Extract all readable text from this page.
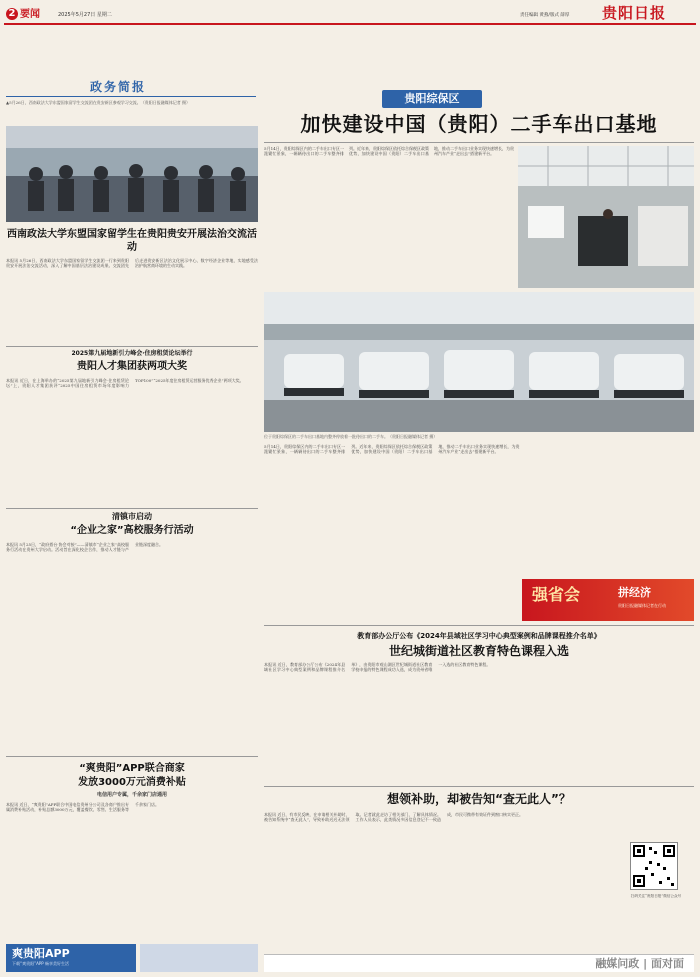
2 要闻	2025年5月27日 星期二	责任编辑 黄燕/版式 薛厚 贵阳日报
政务简报
▲5月26日，西南政法大学东盟国家留学生交流团在贵安新区参观学习交流。（贵阳日报融媒体记者 摄）
西南政法大学东盟国家留学生在贵阳贵安开展法治交流活动
本报讯 5月26日，西南政法大学东盟国家留学生交流团一行来到贵阳贵安开展法治交流活动，深入了解中国基层法治建设成果。交流团先后走进贵安新区法治文化展示中心、数字经济企业等地，实地感受法治护航营商环境的生动实践。
2025第九届地新引力峰会·住房租赁论坛举行
贵阳人才集团获两项大奖
本报讯 近日，在上海举办的“2025第九届地新引力峰会·住房租赁论坛”上，贵阳人才集团获评“2025中国住房租赁市场年度影响力TOP100”“2025年度住房租赁运营服务优秀企业”两项大奖。
清镇市启动
“企业之家”高校服务行活动
本报讯 5月25日，“政府搭台·协会对接”——清镇市“企业之家”高校服务行活动在贵州大学启动。活动旨在深化校企合作，推动人才链与产业链深度融合。
“爽贵阳”APP联合商家
发放3000万元消费补贴
电信用户专属，千余家门店通用
本报讯 近日，“爽贵阳”APP联合中国电信贵州分公司及各商户推出专属消费补贴活动，补贴总额3000万元，覆盖餐饮、零售、生活服务等千余家门店。
爽贵阳APP
下载“爽贵阳”APP 畅享美好生活
贵阳综保区
加快建设中国（贵阳）二手车出口基地
5月14日，贵阳综保区内的二手车出口专区一派繁忙景象，一辆辆待出口的二手车整齐排列。近年来，贵阳综保区依托综合保税区政策优势，加快建设中国（贵阳）二手车出口基地，推动二手车出口业务实现快速增长，为贵州汽车产业“走出去”搭建新平台。
位于贵阳综保区的二手车出口基地内整齐停放着一批待出口的二手车。（贵阳日报融媒体记者 摄）
5月14日，贵阳综保区内的二手车出口专区一派繁忙景象，一辆辆待出口的二手车整齐排列。近年来，贵阳综保区依托综合保税区政策优势，加快建设中国（贵阳）二手车出口基地，推动二手车出口业务实现快速增长，为贵州汽车产业“走出去”搭建新平台。
强省会	拼经济
贵阳日报融媒体记者在行动
教育部办公厅公布《2024年县域社区学习中心典型案例和品牌课程推介名单》
世纪城街道社区教育特色课程入选
本报讯 近日，教育部办公厅公布《2024年县域社区学习中心典型案例和品牌课程推介名单》，由贵阳市观山湖区世纪城街道社区教育学校申报的特色课程成功入选，成为贵州省唯一入选的社区教育特色课程。
想领补助，却被告知“查无此人”？
本报讯 近日，有市民反映，在申请相关补助时，被告知系统中“查无此人”，导致补助迟迟无法领取。记者就此走访了相关部门，了解具体情况。工作人员表示，此类情况多因信息登记不一致造成，市民可携带有效证件到窗口核实更正。
扫码关注“贵阳日报”微信公众号
融媒问政 | 面对面
